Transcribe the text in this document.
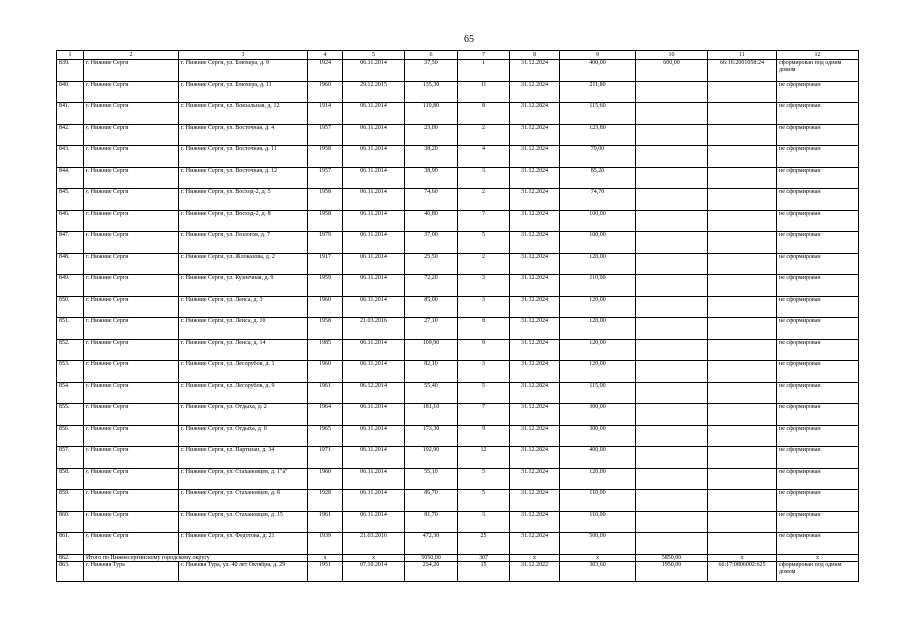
65
1	2	3	4	5	6	7	8	9	10	11	12
839.	г. Нижние Серги	г. Нижние Серги, ул. Блюхера, д. 9	1924	06.11.2014	37,50	1	31.12.2024	400,00	600,00	66:16:2001058:24	сформирован под одним домом
840.	г. Нижние Серги	г. Нижние Серги, ул. Блюхера, д. 11	1960	29.12.2015	135,30	11	31.12.2024	211,80			не сформирован
841.	г. Нижние Серги	г. Нижние Серги, ул. Вокзальная, д. 12	1914	06.11.2014	110,80	8	31.12.2024	115,60			не сформирован
842.	г. Нижние Серги	г. Нижние Серги, ул. Восточная, д. 4	1957	06.11.2014	23,00	2	31.12.2024	123,80			не сформирован
843.	г. Нижние Серги	г. Нижние Серги, ул. Восточная, д. 11	1958	06.11.2014	38,20	4	31.12.2024	79,00			не сформирован
844.	г. Нижние Серги	г. Нижние Серги, ул. Восточная, д. 12	1957	06.11.2014	38,90	3	31.12.2024	85,20			не сформирован
845.	г. Нижние Серги	г. Нижние Серги, ул. Восход-2, д. 5	1958	06.11.2014	74,60	2	31.12.2024	74,70			не сформирован
846.	г. Нижние Серги	г. Нижние Серги, ул. Восход-2, д. 8	1958	06.11.2014	46,80	7	31.12.2024	100,00			не сформирован
847.	г. Нижние Серги	г. Нижние Серги, ул. Геологов, д. 7	1979	06.11.2014	37,00	5	31.12.2024	100,00			не сформирован
848.	г. Нижние Серги	г. Нижние Серги, ул. Жлоказова, д. 2	1917	06.11.2014	25,50	2	31.12.2024	120,00			не сформирован
849.	г. Нижние Серги	г. Нижние Серги, ул. Кузнечная, д. 9	1959	06.11.2014	72,20	3	31.12.2024	110,00			не сформирован
850.	г. Нижние Серги	г. Нижние Серги, ул. Ленса, д. 3	1960	06.11.2014	85,00	3	31.12.2024	120,00			не сформирован
851.	г. Нижние Серги	г. Нижние Серги, ул. Ленса, д. 10	1958	21.03.2016	27,10	8	31.12.2024	120,00			не сформирован
852.	г. Нижние Серги	г. Нижние Серги, ул. Ленса, д. 14	1985	06.11.2014	109,90	9	31.12.2024	120,00			не сформирован
853.	г. Нижние Серги	г. Нижние Серги, ул. Лесорубов, д. 1	1960	06.11.2014	82,10	3	31.12.2024	120,00			не сформирован
854.	г. Нижние Серги	г. Нижние Серги, ул. Лесорубов, д. 9	1961	06.12.2014	55,40	5	31.12.2024	115,00			не сформирован
855.	г. Нижние Серги	г. Нижние Серги, ул. Отдыха, д. 2	1964	06.11.2014	181,10	7	31.12.2024	300,00			не сформирован
856.	г. Нижние Серги	г. Нижние Серги, ул. Отдыха, д. 6	1965	06.11.2014	173,30	9	31.12.2024	300,00			не сформирован
857.	г. Нижние Серги	г. Нижние Серги, ул. Партизан, д. 34	1971	06.11.2014	192,90	12	31.12.2024	400,00			не сформирован
858.	г. Нижние Серги	г. Нижние Серги, ул. Стахановцев, д. 1"а"	1960	06.11.2014	55,10	5	31.12.2024	120,00			не сформирован
859.	г. Нижние Серги	г. Нижние Серги, ул. Стахановцев, д. 8	1928	06.11.2014	86,70	5	31.12.2024	110,00			не сформирован
860.	г. Нижние Серги	г. Нижние Серги, ул. Стахановцев, д. 15	1961	06.11.2014	81,70	3	31.12.2024	110,00			не сформирован
861.	г. Нижние Серги	г. Нижние Серги, ул. Федотова, д. 21	1939	21.03.2016	472,30	25	31.12.2024	500,00			не сформирован
862.	Итого по Нижнесергинскому городскому округу		х	х	5050,00	307	х	х	5850,00	х	х
863.	г. Нижняя Тура	г. Нижняя Тура, ул. 40 лет Октября, д. 29	1951	07.10.2014	234,20	15	31.12.2022	303,60	1950,00	66:17:0806002:625	сформирован под одним домом
